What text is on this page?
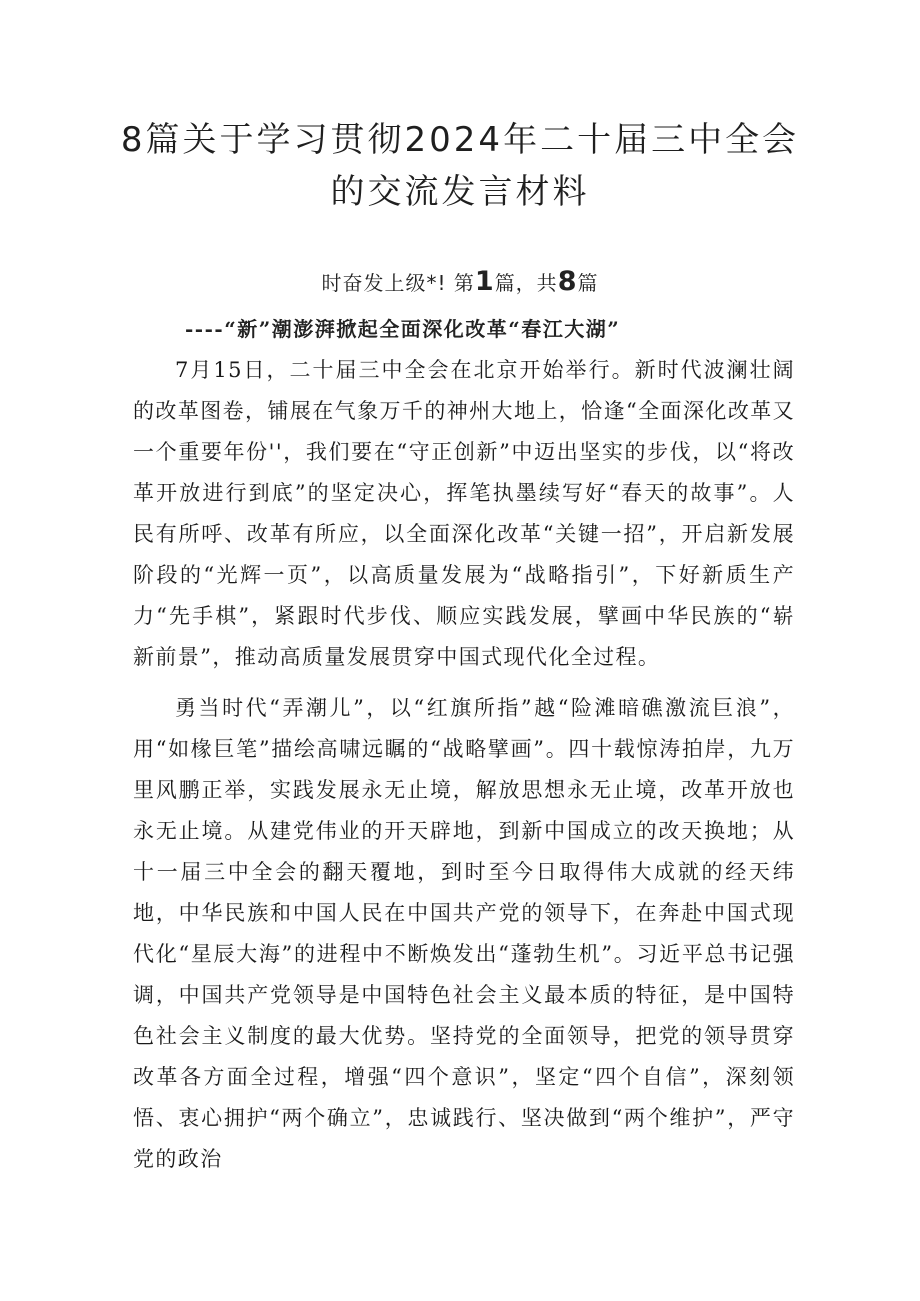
8篇关于学习贯彻2024年二十届三中全会
的交流发言材料
时奋发上级*! 第1篇，共8篇
----“新”潮澎湃掀起全面深化改革“春江大湖”

7月15日，二十届三中全会在北京开始举行。新时代波澜壮阔的改革图卷，铺展在气象万千的神州大地上，恰逢“全面深化改革又一个重要年份''，我们要在“守正创新”中迈出坚实的步伐，以“将改革开放进行到底”的坚定决心，挥笔执墨续写好“春天的故事”。人民有所呼、改革有所应，以全面深化改革“关键一招”，开启新发展阶段的“光辉一页”，以高质量发展为“战略指引”，下好新质生产力“先手棋”，紧跟时代步伐、顺应实践发展，擘画中华民族的“崭新前景”，推动高质量发展贯穿中国式现代化全过程。

勇当时代“弄潮儿”，以“红旗所指”越“险滩暗礁激流巨浪”，用“如椽巨笔”描绘高啸远瞩的“战略擘画”。四十载惊涛拍岸，九万里风鹏正举，实践发展永无止境，解放思想永无止境，改革开放也永无止境。从建党伟业的开天辟地，到新中国成立的改天换地；从十一届三中全会的翻天覆地，到时至今日取得伟大成就的经天纬地，中华民族和中国人民在中国共产党的领导下，在奔赴中国式现代化“星辰大海”的进程中不断焕发出“蓬勃生机”。习近平总书记强调，中国共产党领导是中国特色社会主义最本质的特征，是中国特色社会主义制度的最大优势。坚持党的全面领导，把党的领导贯穿改革各方面全过程，增强“四个意识”，坚定“四个自信”，深刻领悟、衷心拥护“两个确立”，忠诚践行、坚决做到“两个维护”，严守党的政治
